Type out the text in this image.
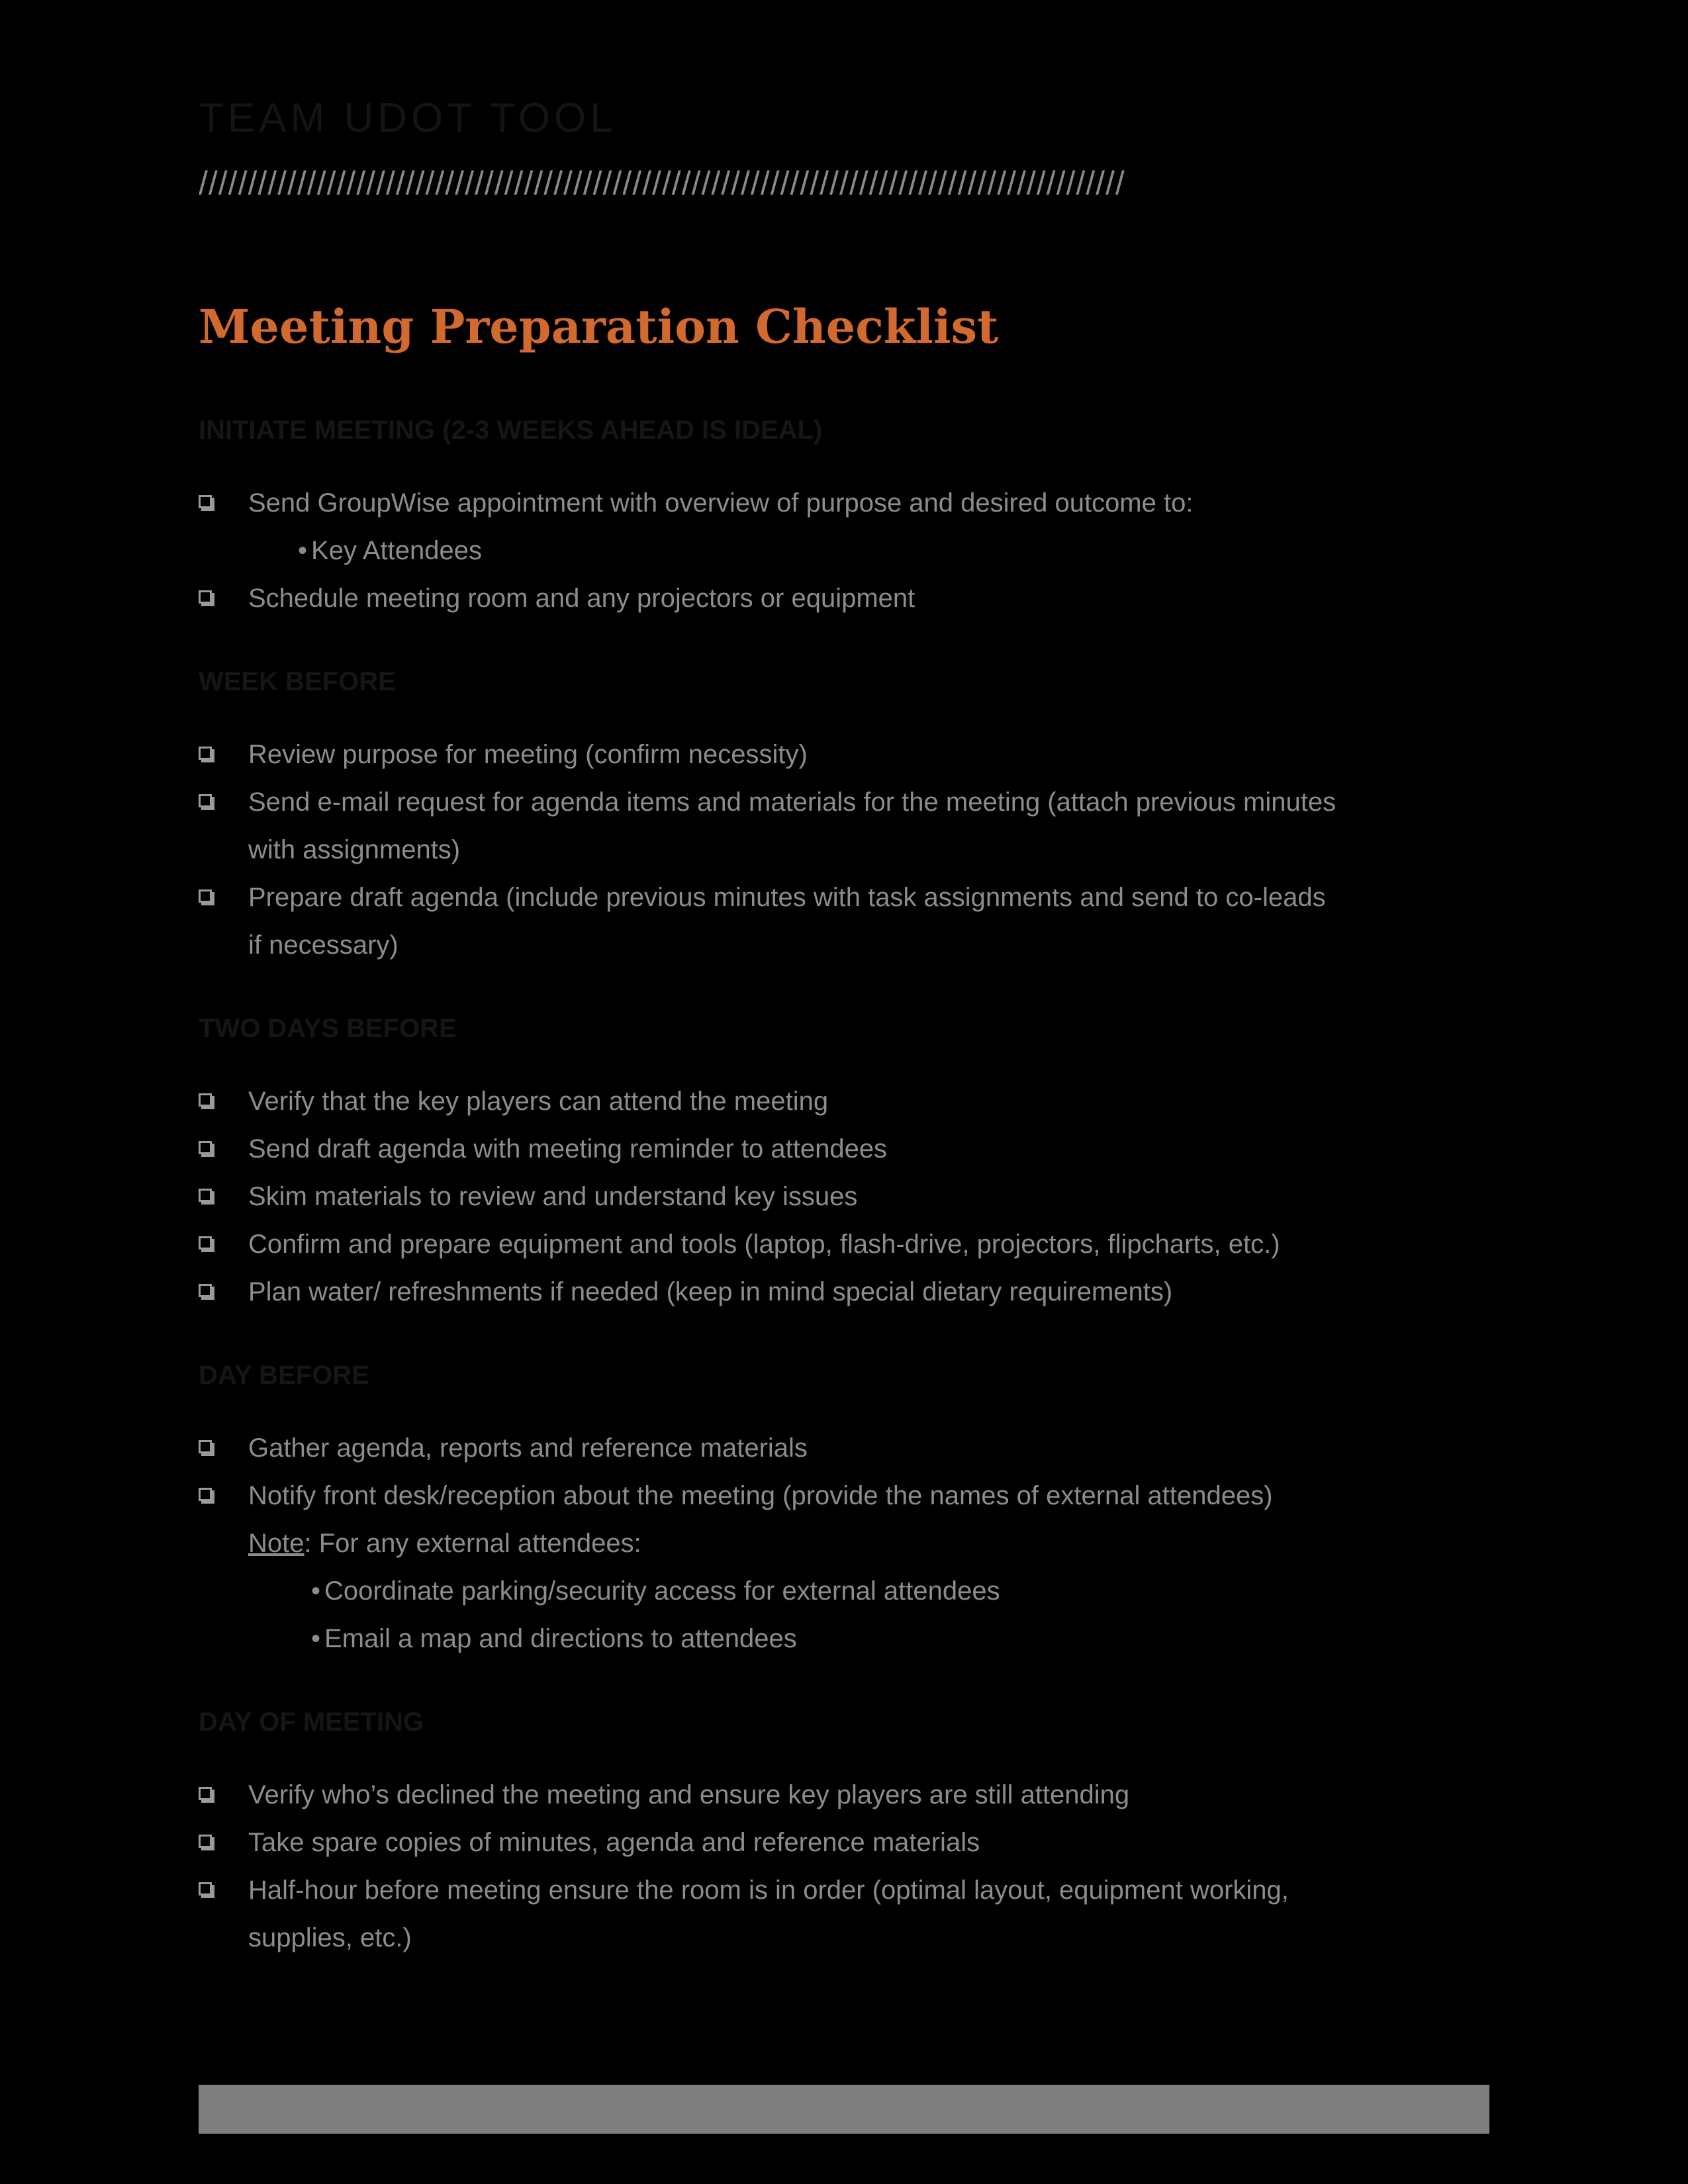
TEAM UDOT TOOL
//////////////////////////////////////////////////////////////////////////////////////////////
Meeting Preparation Checklist
INITIATE MEETING (2-3 WEEKS AHEAD IS IDEAL)
Send GroupWise appointment with overview of purpose and desired outcome to:
• Key Attendees
Schedule meeting room and any projectors or equipment
WEEK BEFORE
Review purpose for meeting (confirm necessity)
Send e-mail request for agenda items and materials for the meeting (attach previous minutes
with assignments)
Prepare draft agenda (include previous minutes with task assignments and send to co-leads
if necessary)
TWO DAYS BEFORE
Verify that the key players can attend the meeting
Send draft agenda with meeting reminder to attendees
Skim materials to review and understand key issues
Confirm and prepare equipment and tools (laptop, flash-drive, projectors, flipcharts, etc.)
Plan water/ refreshments if needed (keep in mind special dietary requirements)
DAY BEFORE
Gather agenda, reports and reference materials
Notify front desk/reception about the meeting (provide the names of external attendees)
Note: For any external attendees:
• Coordinate parking/security access for external attendees
• Email a map and directions to attendees
DAY OF MEETING
Verify who’s declined the meeting and ensure key players are still attending
Take spare copies of minutes, agenda and reference materials
Half-hour before meeting ensure the room is in order (optimal layout, equipment working,
supplies, etc.)
